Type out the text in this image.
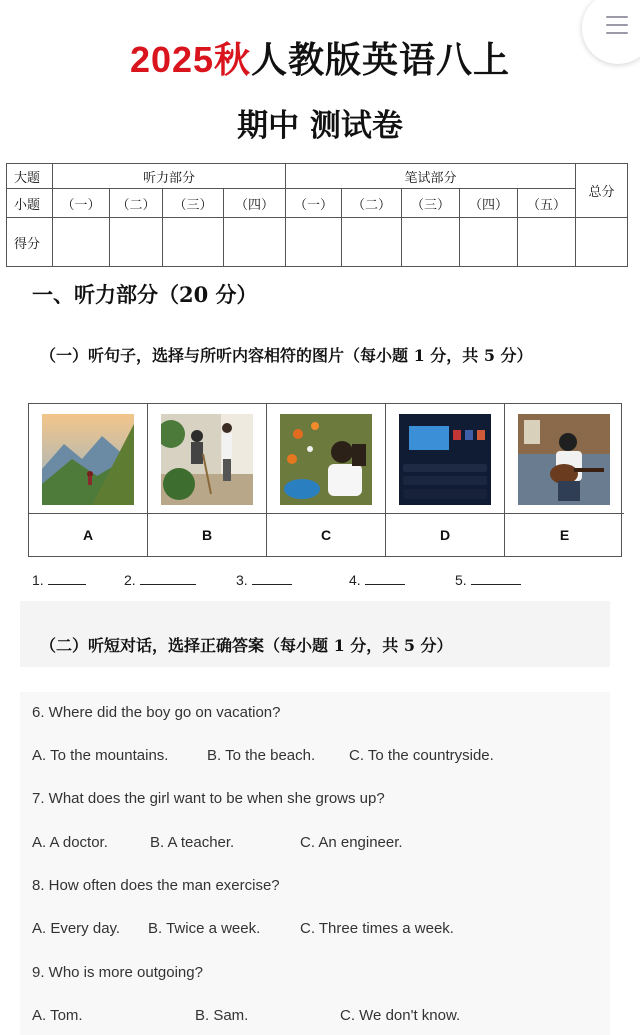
2025秋人教版英语八上
期中 测试卷
大题	听力部分				笔试部分					总分	
小题	（一）	（二）	（三）	（四）	（一）	（二）	（三）	（四）	（五）		
得分											
一、听力部分（20 分）
（一）听句子，选择与所听内容相符的图片（每小题 1 分，共 5 分）
A	B	C	D	E
1.	2.	3.	4.	5.
（二）听短对话，选择正确答案（每小题 1 分，共 5 分）
6. Where did the boy go on vacation?
A. To the mountains.	B. To the beach. C. To the countryside.
7. What does the girl want to be when she grows up?
A. A doctor.	B. A teacher.	C. An engineer.
8. How often does the man exercise?
A. Every day. B. Twice a week.	C. Three times a week.
9. Who is more outgoing?
A. Tom.	B. Sam.	C. We don't know.
